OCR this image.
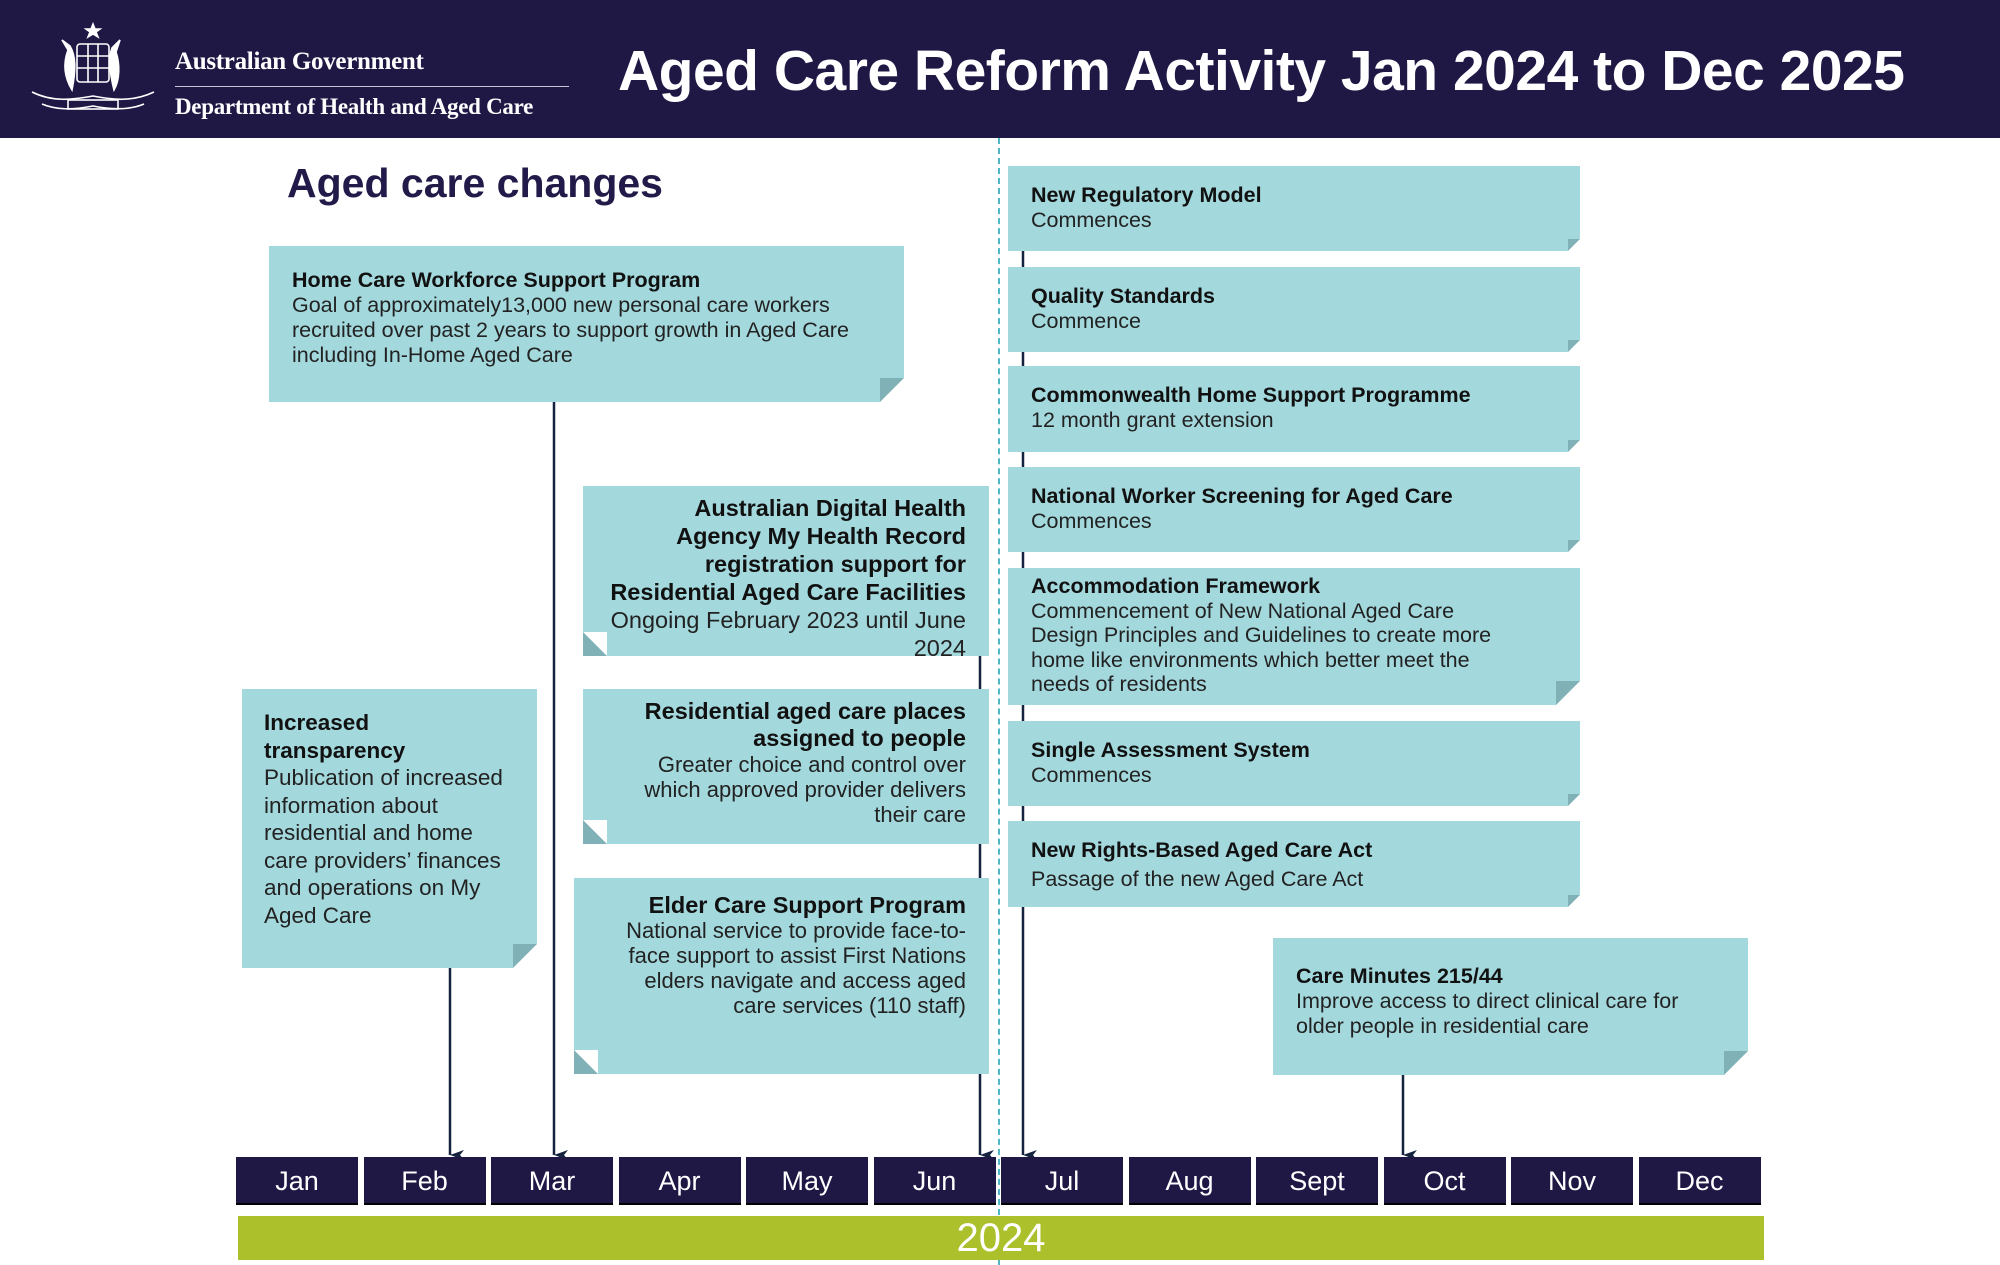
Australian Government
Department of Health and Aged Care
Aged Care Reform Activity Jan 2024 to Dec 2025
Aged care changes
Home Care Workforce Support Program
Goal of approximately13,000 new personal care workers recruited over past 2 years to support growth in Aged Care including In-Home Aged Care
Australian Digital Health Agency My Health Record registration support for Residential Aged Care Facilities Ongoing February 2023 until June 2024
Residential aged care places assigned to people
Greater choice and control over which approved provider delivers their care
Elder Care Support Program
National service to provide face-to-face support to assist First Nations elders navigate and access aged care services (110 staff)
Increased transparency
Publication of increased information about residential and home care providers’ finances and operations on My Aged Care
New Regulatory Model
Commences
Quality Standards
Commence
Commonwealth Home Support Programme
12 month grant extension
National Worker Screening for Aged Care
Commences
Accommodation Framework
Commencement of New National Aged Care Design Principles and Guidelines to create more home like environments which better meet the needs of residents
Single Assessment System
Commences
New Rights-Based Aged Care Act
Passage of the new Aged Care Act
Care Minutes 215/44
Improve access to direct clinical care for older people in residential care
Jan	Feb	Mar	Apr	May	Jun	Jul	Aug	Sept	Oct	Nov	Dec
2024
